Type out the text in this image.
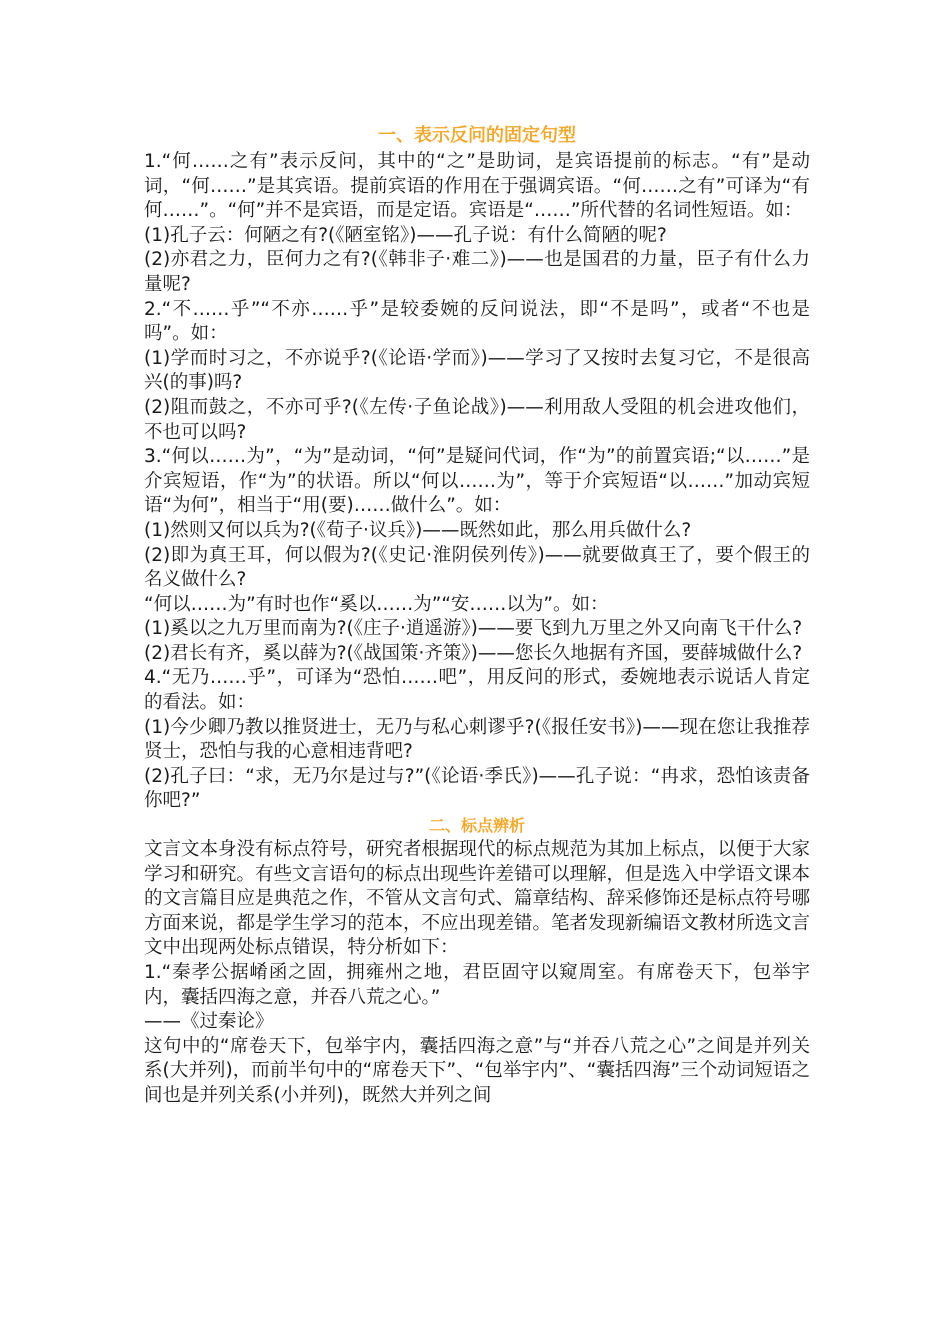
一、表示反问的固定句型

1.“何……之有”表示反问，其中的“之”是助词，是宾语提前的标志。“有”是动词，“何……”是其宾语。提前宾语的作用在于强调宾语。“何……之有”可译为“有何……”。“何”并不是宾语，而是定语。宾语是“……”所代替的名词性短语。如：

(1)孔子云：何陋之有?(《陋室铭》)——孔子说：有什么简陋的呢?

(2)亦君之力，臣何力之有?(《韩非子·难二》)——也是国君的力量，臣子有什么力量呢?

2.“不……乎”“不亦……乎”是较委婉的反问说法，即“不是吗”，或者“不也是吗”。如：

(1)学而时习之，不亦说乎?(《论语·学而》)——学习了又按时去复习它，不是很高兴(的事)吗?

(2)阻而鼓之，不亦可乎?(《左传·子鱼论战》)——利用敌人受阻的机会进攻他们，不也可以吗?

3.“何以……为”，“为”是动词，“何”是疑问代词，作“为”的前置宾语;“以……”是介宾短语，作“为”的状语。所以“何以……为”，等于介宾短语“以……”加动宾短语“为何”，相当于“用(要)……做什么”。如：

(1)然则又何以兵为?(《荀子·议兵》)——既然如此，那么用兵做什么?

(2)即为真王耳，何以假为?(《史记·淮阴侯列传》)——就要做真王了，要个假王的名义做什么?

“何以……为”有时也作“奚以……为”“安……以为”。如：

(1)奚以之九万里而南为?(《庄子·逍遥游》)——要飞到九万里之外又向南飞干什么?

(2)君长有齐，奚以薛为?(《战国策·齐策》)——您长久地据有齐国，要薛城做什么?

4.“无乃……乎”，可译为“恐怕……吧”，用反问的形式，委婉地表示说话人肯定的看法。如：

(1)今少卿乃教以推贤进士，无乃与私心刺谬乎?(《报任安书》)——现在您让我推荐贤士，恐怕与我的心意相违背吧?

(2)孔子曰：“求，无乃尔是过与?”(《论语·季氏》)——孔子说：“冉求，恐怕该责备你吧?”

二、标点辨析

文言文本身没有标点符号，研究者根据现代的标点规范为其加上标点，以便于大家学习和研究。有些文言语句的标点出现些许差错可以理解，但是选入中学语文课本的文言篇目应是典范之作，不管从文言句式、篇章结构、辞采修饰还是标点符号哪方面来说，都是学生学习的范本，不应出现差错。笔者发现新编语文教材所选文言文中出现两处标点错误，特分析如下：

1.“秦孝公据崤函之固，拥雍州之地，君臣固守以窥周室。有席卷天下，包举宇内，囊括四海之意，并吞八荒之心。”

——《过秦论》

这句中的“席卷天下，包举宇内，囊括四海之意”与“并吞八荒之心”之间是并列关系(大并列)，而前半句中的“席卷天下”、“包举宇内”、“囊括四海”三个动词短语之间也是并列关系(小并列)，既然大并列之间
